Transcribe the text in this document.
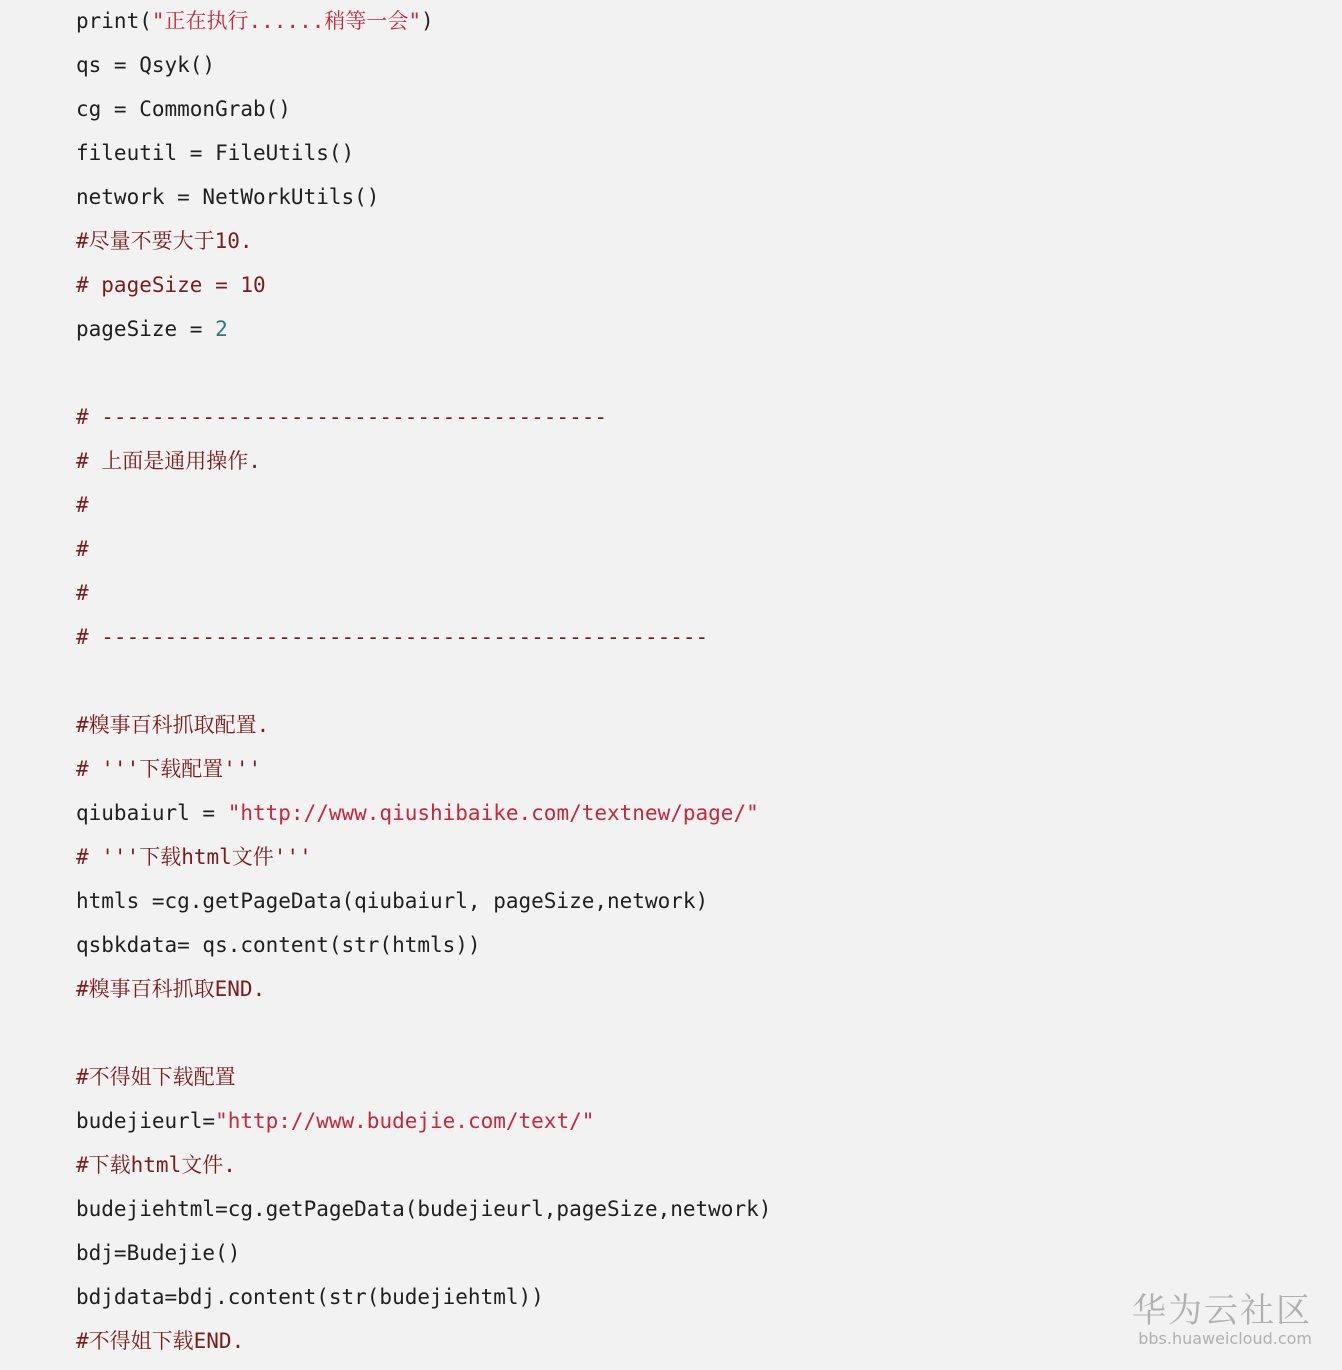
print("正在执行......稍等一会")
qs = Qsyk()
cg = CommonGrab()
fileutil = FileUtils()
network = NetWorkUtils()
#尽量不要大于10.
# pageSize = 10
pageSize = 2

# ----------------------------------------
# 上面是通用操作.
#
#
#
# ------------------------------------------------

#糗事百科抓取配置.
# '''下载配置'''
qiubaiurl = "http://www.qiushibaike.com/textnew/page/"
# '''下载html文件'''
htmls =cg.getPageData(qiubaiurl, pageSize,network)
qsbkdata= qs.content(str(htmls))
#糗事百科抓取END.

#不得姐下载配置
budejieurl="http://www.budejie.com/text/"
#下载html文件.
budejiehtml=cg.getPageData(budejieurl,pageSize,network)
bdj=Budejie()
bdjdata=bdj.content(str(budejiehtml))
#不得姐下载END.
华为云社区
bbs.huaweicloud.com
